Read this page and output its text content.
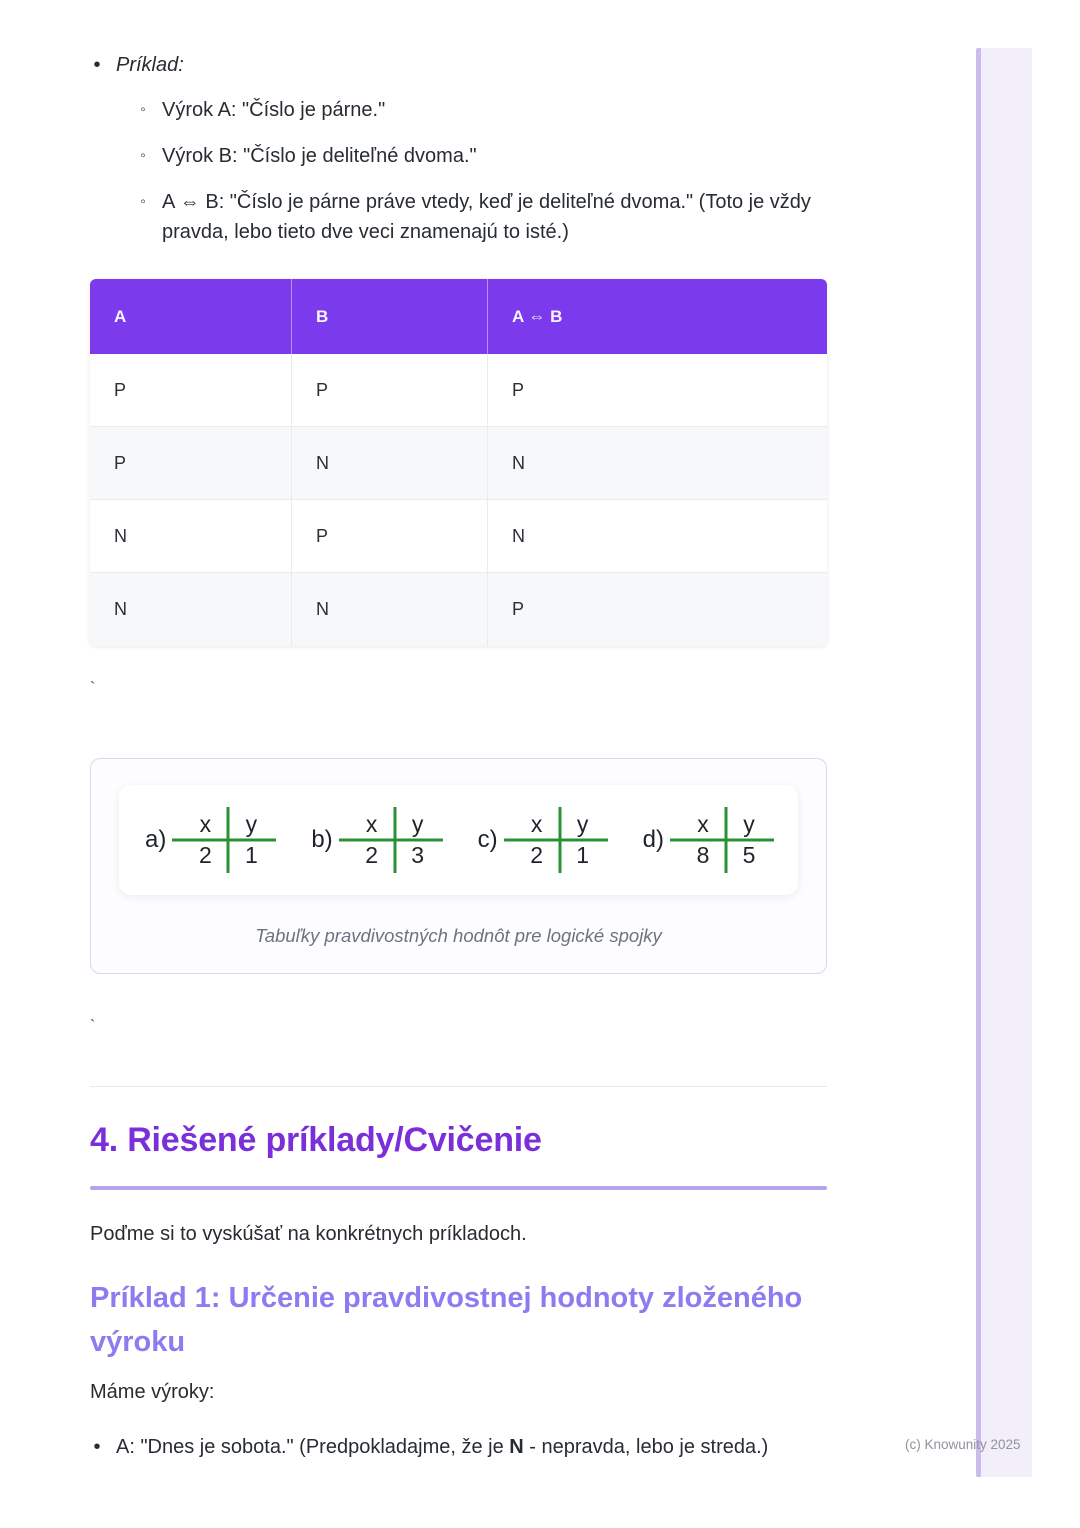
• Príklad:
◦ Výrok A: "Číslo je párne."
◦ Výrok B: "Číslo je deliteľné dvoma."
◦ A ⇔ B: "Číslo je párne práve vtedy, keď je deliteľné dvoma." (Toto je vždy pravda, lebo tieto dve veci znamenajú to isté.)
A	B	A ⇔ B
P	P	P
P	N	N
N	P	N
N	N	P
`
a)
x	y
2	1
b)
x	y
2	3
c)
x	y
2	1
d)
x	y
8	5
Tabuľky pravdivostných hodnôt pre logické spojky
`
4. Riešené príklady/Cvičenie

Poďme si to vyskúšať na konkrétnych príkladoch.

Príklad 1: Určenie pravdivostnej hodnoty zloženého výroku

Máme výroky:

• A: "Dnes je sobota." (Predpokladajme, že je N - nepravda, lebo je streda.)	(c) Knowunity 2025
